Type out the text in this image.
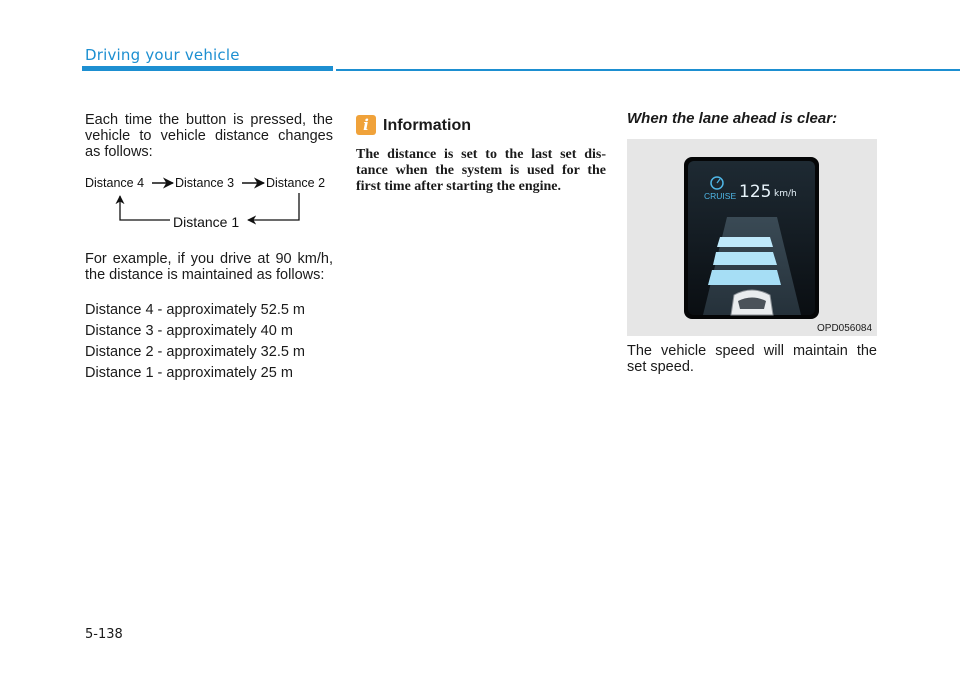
Driving your vehicle
Each time the button is pressed, the
vehicle to vehicle distance changes
as follows:
Distance 4 Distance 3	Distance 2
Distance 1
For example, if you drive at 90 km/h,
the distance is maintained as follows:
Distance 4 - approximately 52.5 m
Distance 3 - approximately 40 m
Distance 2 - approximately 32.5 m
Distance 1 - approximately 25 m
i Information
The distance is set to the last set dis-
tance when the system is used for the
first time after starting the engine.
When the lane ahead is clear:
CRUISE 125 km/h
OPD056084
The vehicle speed will maintain the
set speed.
5-138
